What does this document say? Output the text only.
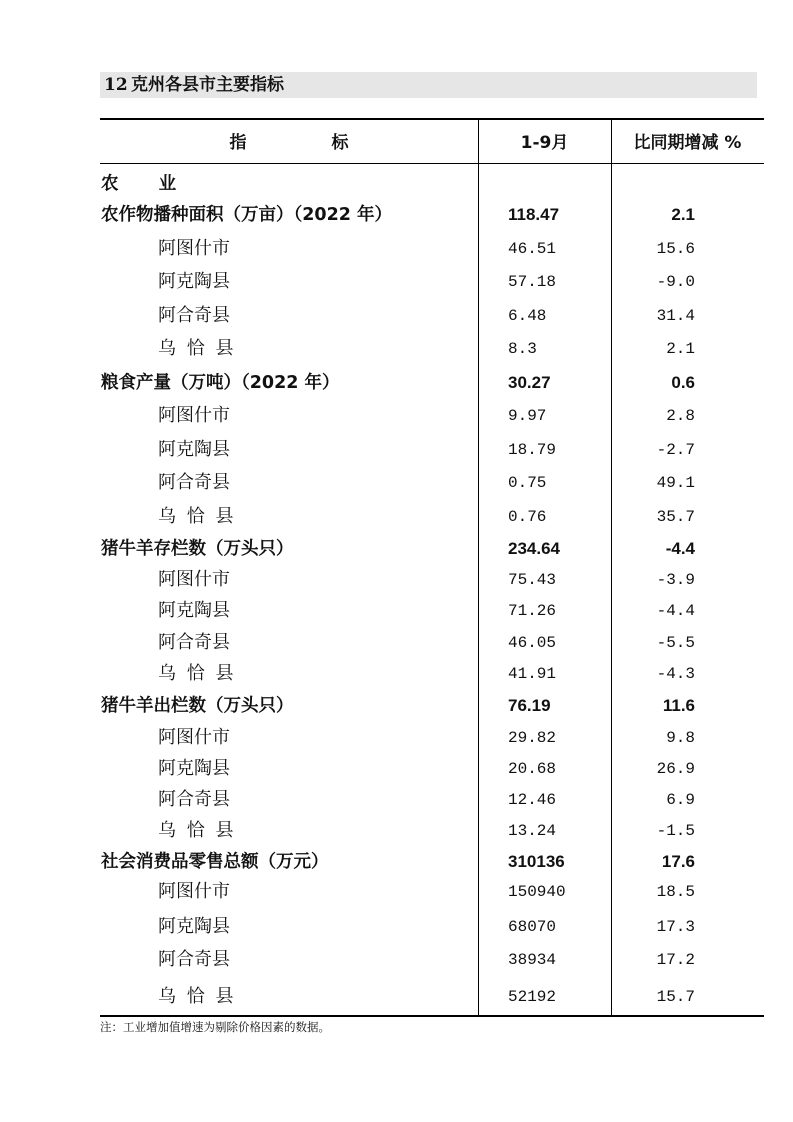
12 克州各县市主要指标
指 标	1-9月	比同期增减 %
农 业
农作物播种面积（万亩）（2022 年）	118.47	2.1
阿图什市	46.51	15.6
阿克陶县	57.18	-9.0
阿合奇县	6.48	31.4
乌 恰 县	8.3	2.1
粮食产量（万吨）（2022 年）	30.27	0.6
阿图什市	9.97	2.8
阿克陶县	18.79	-2.7
阿合奇县	0.75	49.1
乌 恰 县	0.76	35.7
猪牛羊存栏数（万头只）	234.64	-4.4
阿图什市	75.43	-3.9
阿克陶县	71.26	-4.4
阿合奇县	46.05	-5.5
乌 恰 县	41.91	-4.3
猪牛羊出栏数（万头只）	76.19	11.6
阿图什市	29.82	9.8
阿克陶县	20.68	26.9
阿合奇县	12.46	6.9
乌 恰 县	13.24	-1.5
社会消费品零售总额（万元）	310136	17.6
阿图什市	150940	18.5
阿克陶县	68070	17.3
阿合奇县	38934	17.2
乌 恰 县	52192	15.7
注：工业增加值增速为剔除价格因素的数据。
